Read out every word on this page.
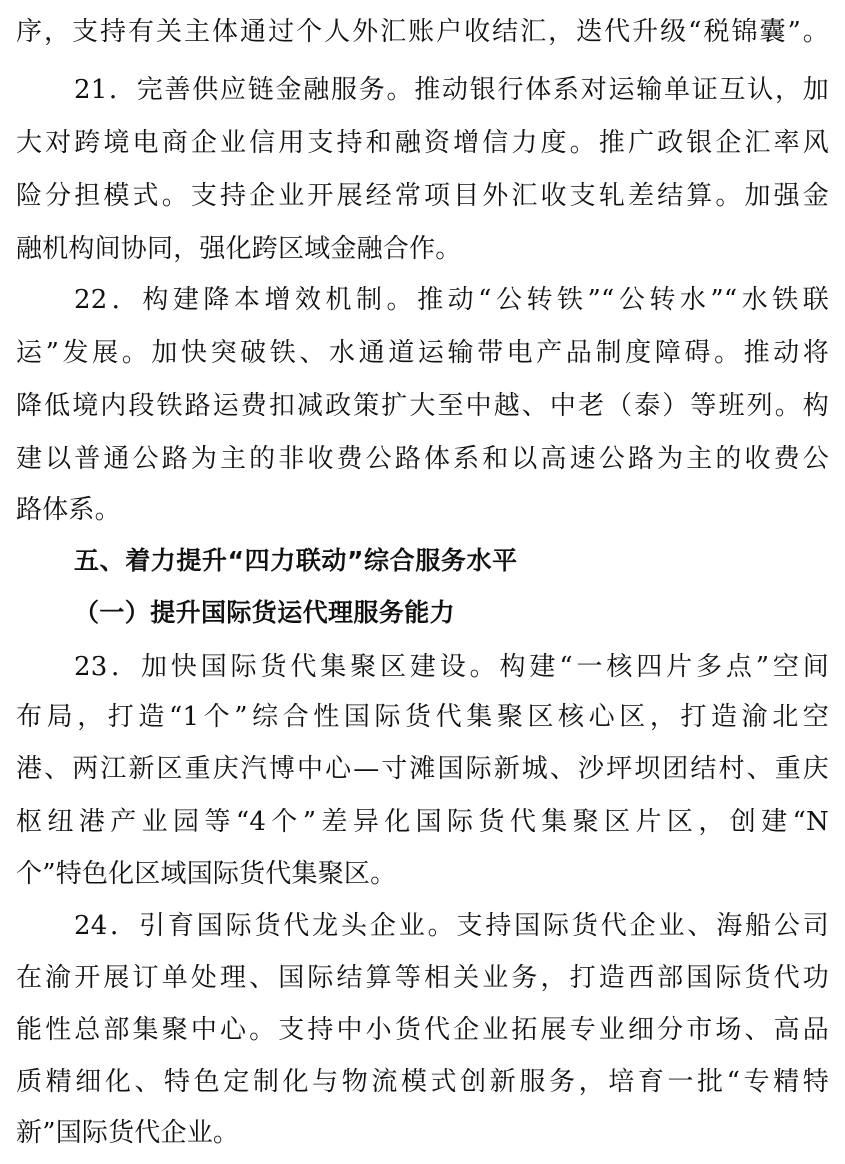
序，支持有关主体通过个人外汇账户收结汇，迭代升级“税锦囊”。
21．完善供应链金融服务。推动银行体系对运输单证互认，加
大对跨境电商企业信用支持和融资增信力度。推广政银企汇率风
险分担模式。支持企业开展经常项目外汇收支轧差结算。加强金
融机构间协同，强化跨区域金融合作。
22．构建降本增效机制。推动“公转铁”“公转水”“水铁联
运”发展。加快突破铁、水通道运输带电产品制度障碍。推动将
降低境内段铁路运费扣减政策扩大至中越、中老（泰）等班列。构
建以普通公路为主的非收费公路体系和以高速公路为主的收费公
路体系。
五、着力提升“四力联动”综合服务水平
（一）提升国际货运代理服务能力
23．加快国际货代集聚区建设。构建“一核四片多点”空间
布局，打造“1个”综合性国际货代集聚区核心区，打造渝北空
港、两江新区重庆汽博中心—寸滩国际新城、沙坪坝团结村、重庆
枢纽港产业园等“4个”差异化国际货代集聚区片区，创建“N
个”特色化区域国际货代集聚区。
24．引育国际货代龙头企业。支持国际货代企业、海船公司
在渝开展订单处理、国际结算等相关业务，打造西部国际货代功
能性总部集聚中心。支持中小货代企业拓展专业细分市场、高品
质精细化、特色定制化与物流模式创新服务，培育一批“专精特
新”国际货代企业。
